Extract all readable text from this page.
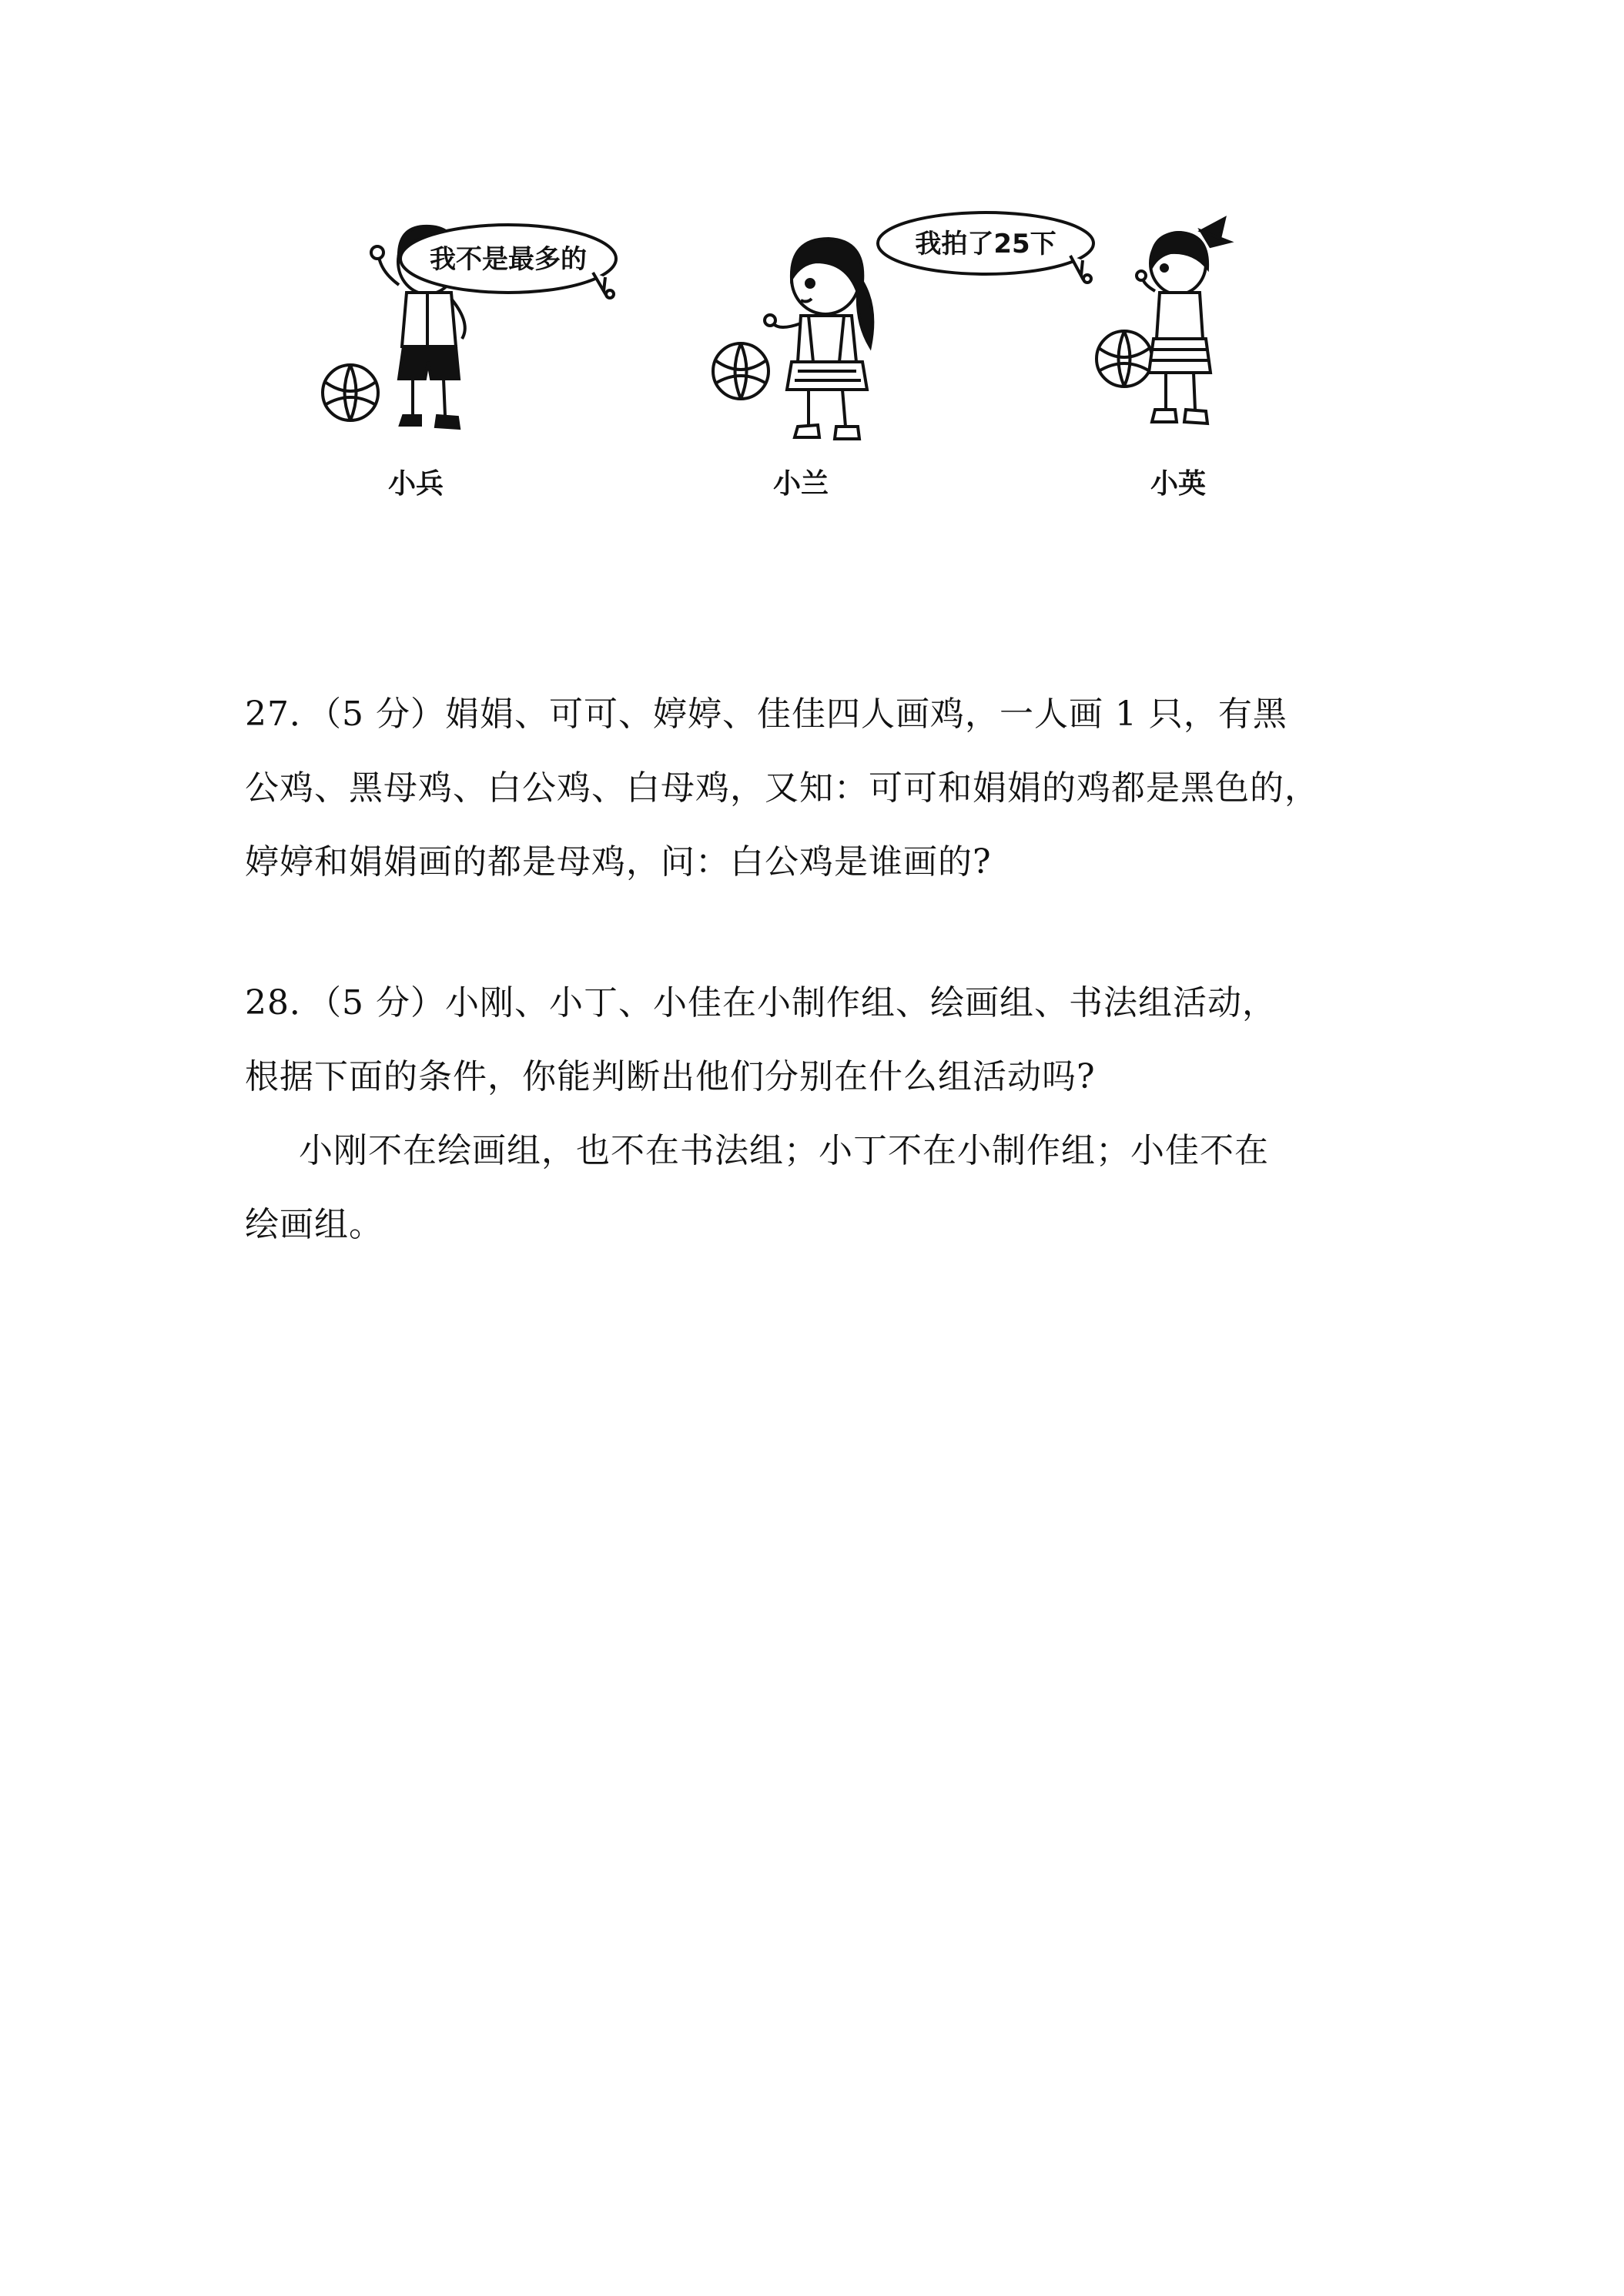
我不是最多的	我拍了25下
小兵	小兰	小英
27．（5 分）娟娟、可可、婷婷、佳佳四人画鸡，一人画 1 只，有黑
公鸡、黑母鸡、白公鸡、白母鸡，又知：可可和娟娟的鸡都是黑色的，
婷婷和娟娟画的都是母鸡，问：白公鸡是谁画的?
28．（5 分）小刚、小丁、小佳在小制作组、绘画组、书法组活动，
根据下面的条件，你能判断出他们分别在什么组活动吗?
小刚不在绘画组，也不在书法组；小丁不在小制作组；小佳不在
绘画组。
